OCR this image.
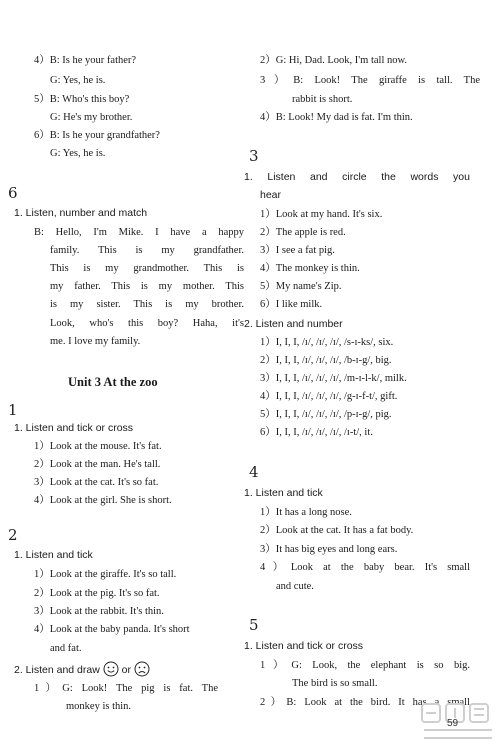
4）B: Is he your father?
G: Yes, he is.
5）B: Who's this boy?
G: He's my brother.
6）B: Is he your grandfather?
G: Yes, he is.
6
1. Listen, number and match
B: Hello, I'm Mike. I have a happy
family. This is my grandfather.
This is my grandmother. This is
my father. This is my mother. This
is my sister. This is my brother.
Look, who's this boy? Haha, it's
me. I love my family.
Unit 3 At the zoo
1
1. Listen and tick or cross
1）Look at the mouse. It's fat.
2）Look at the man. He's tall.
3）Look at the cat. It's so fat.
4）Look at the girl. She is short.
2
1. Listen and tick
1）Look at the giraffe. It's so tall.
2）Look at the pig. It's so fat.
3）Look at the rabbit. It's thin.
4）Look at the baby panda. It's short
and fat.
2. Listen and draw or
1）G: Look! The pig is fat. The
monkey is thin.
2）G: Hi, Dad. Look, I'm tall now.
3）B: Look! The giraffe is tall. The
rabbit is short.
4）B: Look! My dad is fat. I'm thin.
3
1. Listen and circle the words you
hear
1）Look at my hand. It's six.
2）The apple is red.
3）I see a fat pig.
4）The monkey is thin.
5）My name's Zip.
6）I like milk.
2. Listen and number
1）I, I, I, /ɪ/, /ɪ/, /ɪ/, /s-ɪ-ks/, six.
2）I, I, I, /ɪ/, /ɪ/, /ɪ/, /b-ɪ-g/, big.
3）I, I, I, /ɪ/, /ɪ/, /ɪ/, /m-ɪ-l-k/, milk.
4）I, I, I, /ɪ/, /ɪ/, /ɪ/, /g-ɪ-f-t/, gift.
5）I, I, I, /ɪ/, /ɪ/, /ɪ/, /p-ɪ-g/, pig.
6）I, I, I, /ɪ/, /ɪ/, /ɪ/, /ɪ-t/, it.
4
1. Listen and tick
1）It has a long nose.
2）Look at the cat. It has a fat body.
3）It has big eyes and long ears.
4）Look at the baby bear. It's small
and cute.
5
1. Listen and tick or cross
1）G: Look, the elephant is so big.
The bird is so small.
2）B: Look at the bird. It has a small
59
